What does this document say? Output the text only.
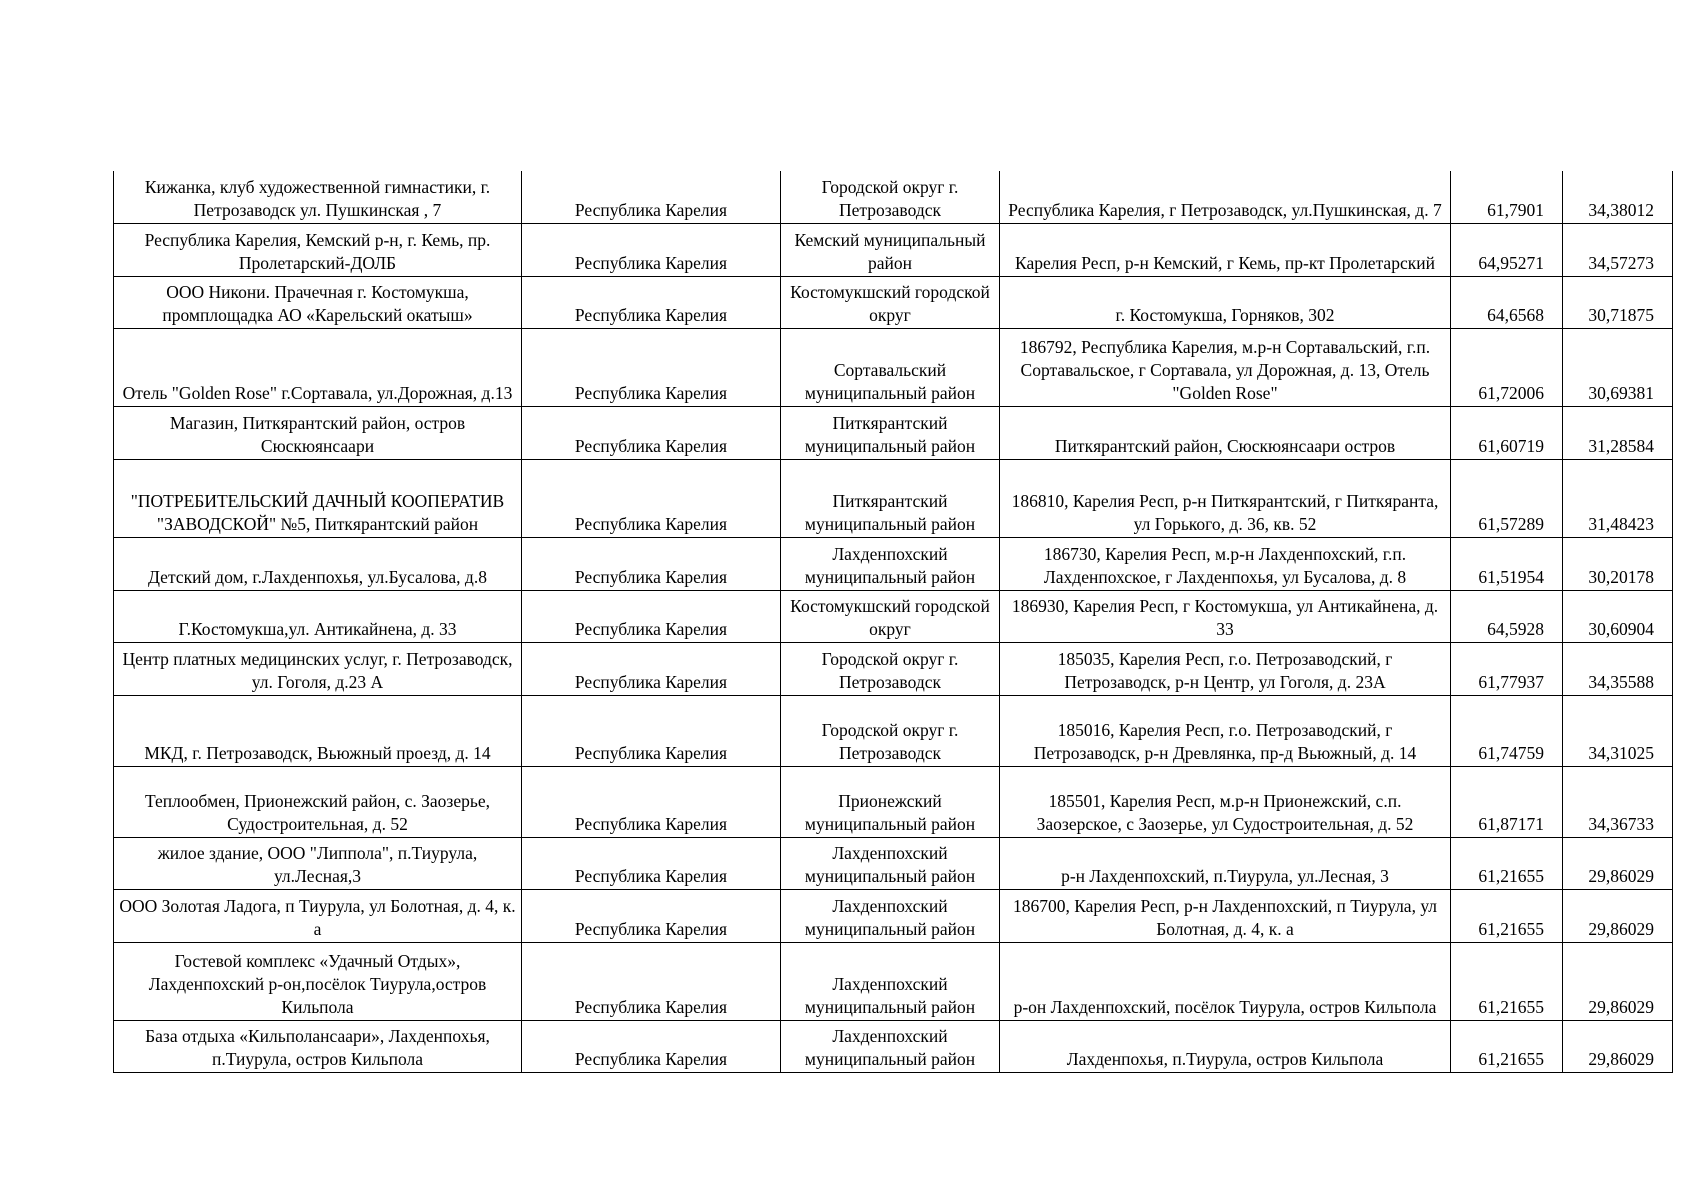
Кижанка, клуб художественной гимнастики, г. Петрозаводск ул. Пушкинская , 7	Республика Карелия	Городской округ г. Петрозаводск	Республика Карелия, г Петрозаводск, ул.Пушкинская, д. 7	61,7901	34,38012
Республика Карелия, Кемский р-н, г. Кемь, пр. Пролетарский-ДОЛБ	Республика Карелия	Кемский муниципальный район	Карелия Респ, р-н Кемский, г Кемь, пр-кт Пролетарский	64,95271	34,57273
ООО Никони. Прачечная г. Костомукша, промплощадка АО «Карельский окатыш»	Республика Карелия	Костомукшский городской округ	г. Костомукша, Горняков, 302	64,6568	30,71875
Отель "Golden Rose" г.Сортавала, ул.Дорожная, д.13	Республика Карелия	Сортавальский муниципальный район	186792, Республика Карелия, м.р-н Сортавальский, г.п. Сортавальское, г Сортавала, ул Дорожная, д. 13, Отель "Golden Rose"	61,72006	30,69381
Магазин, Питкярантский район, остров Сюскюянсаари	Республика Карелия	Питкярантский муниципальный район	Питкярантский район, Сюскюянсаари остров	61,60719	31,28584
"ПОТРЕБИТЕЛЬСКИЙ ДАЧНЫЙ КООПЕРАТИВ "ЗАВОДСКОЙ" №5, Питкярантский район	Республика Карелия	Питкярантский муниципальный район	186810, Карелия Респ, р-н Питкярантский, г Питкяранта, ул Горького, д. 36, кв. 52	61,57289	31,48423
Детский дом, г.Лахденпохья, ул.Бусалова, д.8	Республика Карелия	Лахденпохский муниципальный район	186730, Карелия Респ, м.р-н Лахденпохский, г.п. Лахденпохское, г Лахденпохья, ул Бусалова, д. 8	61,51954	30,20178
Г.Костомукша,ул. Антикайнена, д. 33	Республика Карелия	Костомукшский городской округ	186930, Карелия Респ, г Костомукша, ул Антикайнена, д. 33	64,5928	30,60904
Центр платных медицинских услуг, г. Петрозаводск, ул. Гоголя, д.23 А	Республика Карелия	Городской округ г. Петрозаводск	185035, Карелия Респ, г.о. Петрозаводский, г Петрозаводск, р-н Центр, ул Гоголя, д. 23А	61,77937	34,35588
МКД, г. Петрозаводск, Вьюжный проезд, д. 14	Республика Карелия	Городской округ г. Петрозаводск	185016, Карелия Респ, г.о. Петрозаводский, г Петрозаводск, р-н Древлянка, пр-д Вьюжный, д. 14	61,74759	34,31025
Теплообмен, Прионежский район, с. Заозерье, Судостроительная, д. 52	Республика Карелия	Прионежский муниципальный район	185501, Карелия Респ, м.р-н Прионежский, с.п. Заозерское, с Заозерье, ул Судостроительная, д. 52	61,87171	34,36733
жилое здание, ООО "Липпола", п.Тиурула, ул.Лесная,3	Республика Карелия	Лахденпохский муниципальный район	р-н Лахденпохский, п.Тиурула, ул.Лесная, 3	61,21655	29,86029
ООО Золотая Ладога, п Тиурула, ул Болотная, д. 4, к. а	Республика Карелия	Лахденпохский муниципальный район	186700, Карелия Респ, р-н Лахденпохский, п Тиурула, ул Болотная, д. 4, к. а	61,21655	29,86029
Гостевой комплекс «Удачный Отдых», Лахденпохский р-он,посёлок Тиурула,остров Кильпола	Республика Карелия	Лахденпохский муниципальный район	р-он Лахденпохский, посёлок Тиурула, остров Кильпола	61,21655	29,86029
База отдыха «Кильполансаари», Лахденпохья, п.Тиурула, остров Кильпола	Республика Карелия	Лахденпохский муниципальный район	Лахденпохья, п.Тиурула, остров Кильпола	61,21655	29,86029
